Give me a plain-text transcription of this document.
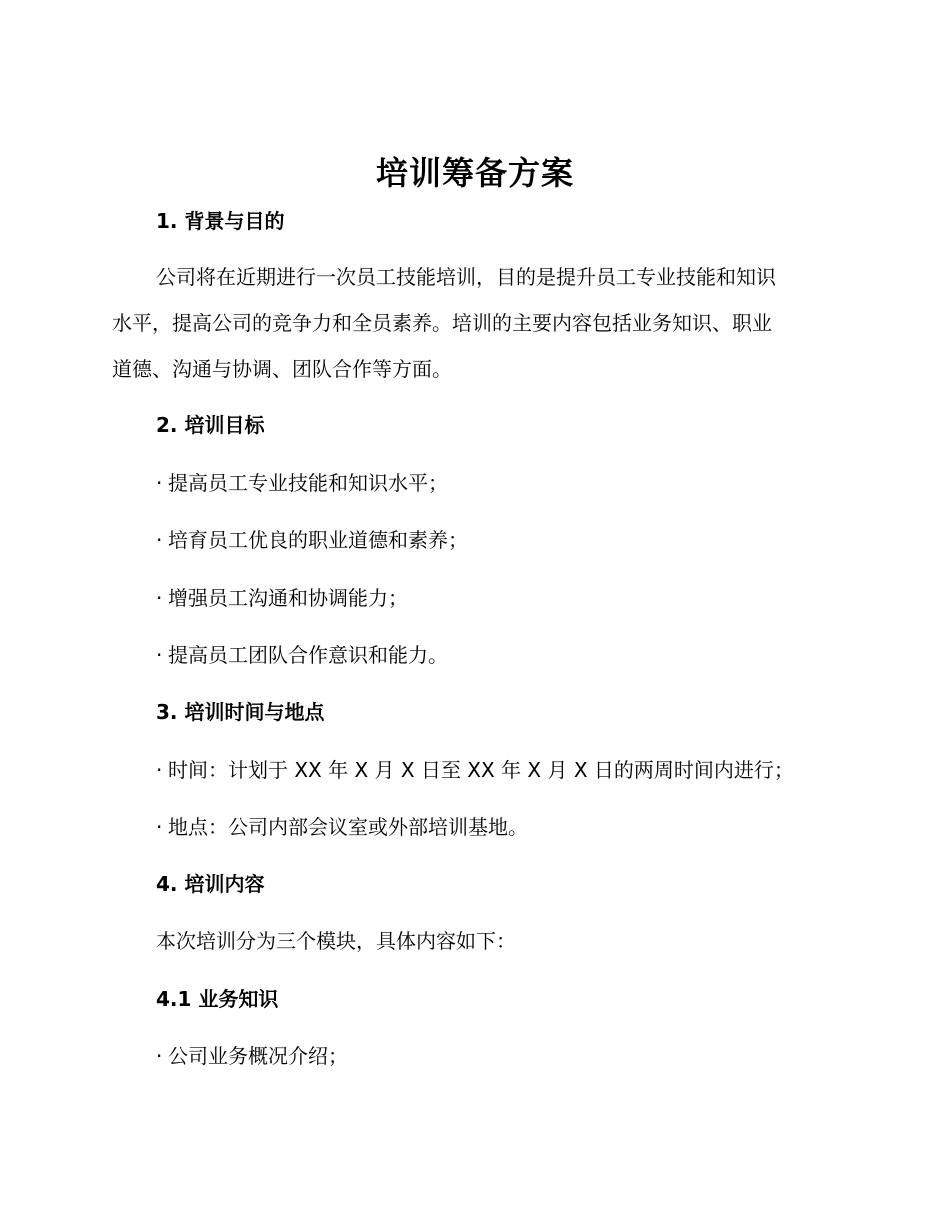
培训筹备方案
1. 背景与目的
公司将在近期进行一次员工技能培训，目的是提升员工专业技能和知识
水平，提高公司的竞争力和全员素养。培训的主要内容包括业务知识、职业
道德、沟通与协调、团队合作等方面。
2. 培训目标
· 提高员工专业技能和知识水平；
· 培育员工优良的职业道德和素养；
· 增强员工沟通和协调能力；
· 提高员工团队合作意识和能力。
3. 培训时间与地点
· 时间：计划于 XX 年 X 月 X 日至 XX 年 X 月 X 日的两周时间内进行；
· 地点：公司内部会议室或外部培训基地。
4. 培训内容
本次培训分为三个模块，具体内容如下：
4.1 业务知识
· 公司业务概况介绍；
